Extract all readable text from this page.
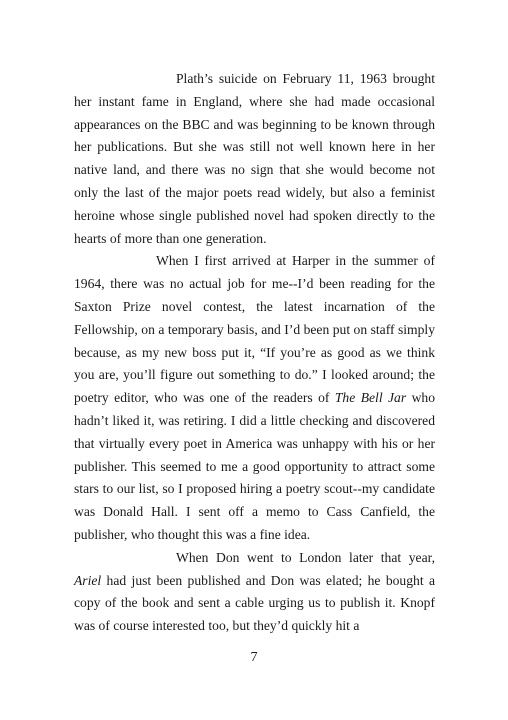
Plath’s suicide on February 11, 1963 brought her instant fame in England, where she had made occasional appearances on the BBC and was beginning to be known through her publications. But she was still not well known here in her native land, and there was no sign that she would become not only the last of the major poets read widely, but also a feminist heroine whose single published novel had spoken directly to the hearts of more than one generation.

When I first arrived at Harper in the summer of 1964, there was no actual job for me--I’d been reading for the Saxton Prize novel contest, the latest incarnation of the Fellowship, on a temporary basis, and I’d been put on staff simply because, as my new boss put it, “If you’re as good as we think you are, you’ll figure out something to do.” I looked around; the poetry editor, who was one of the readers of The Bell Jar who hadn’t liked it, was retiring. I did a little checking and discovered that virtually every poet in America was unhappy with his or her publisher. This seemed to me a good opportunity to attract some stars to our list, so I proposed hiring a poetry scout--my candidate was Donald Hall. I sent off a memo to Cass Canfield, the publisher, who thought this was a fine idea.

When Don went to London later that year, Ariel had just been published and Don was elated; he bought a copy of the book and sent a cable urging us to publish it. Knopf was of course interested too, but they’d quickly hit a

7
